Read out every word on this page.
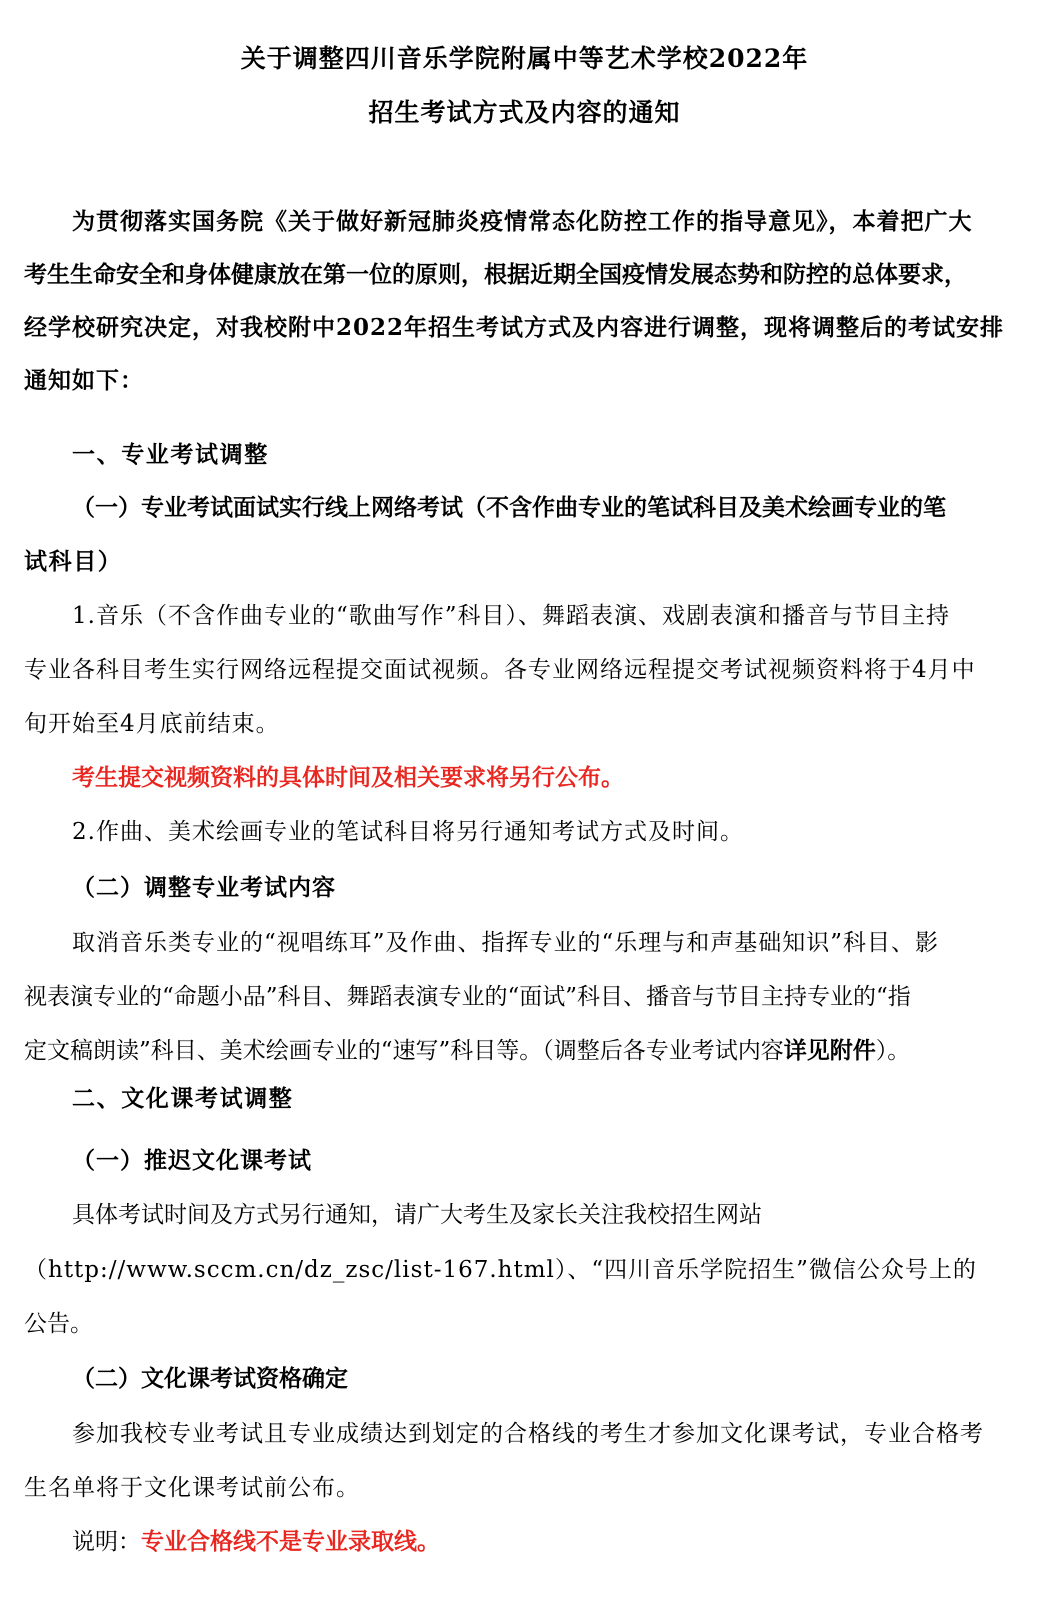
关于调整四川音乐学院附属中等艺术学校2022年
招生考试方式及内容的通知
为贯彻落实国务院《关于做好新冠肺炎疫情常态化防控工作的指导意见》，本着把广大
考生生命安全和身体健康放在第一位的原则，根据近期全国疫情发展态势和防控的总体要求，
经学校研究决定，对我校附中2022年招生考试方式及内容进行调整，现将调整后的考试安排
通知如下：
一、专业考试调整
（一）专业考试面试实行线上网络考试（不含作曲专业的笔试科目及美术绘画专业的笔
试科目）
1.音乐（不含作曲专业的“歌曲写作”科目）、舞蹈表演、戏剧表演和播音与节目主持
专业各科目考生实行网络远程提交面试视频。各专业网络远程提交考试视频资料将于4月中
旬开始至4月底前结束。
考生提交视频资料的具体时间及相关要求将另行公布。
2.作曲、美术绘画专业的笔试科目将另行通知考试方式及时间。
（二）调整专业考试内容
取消音乐类专业的“视唱练耳”及作曲、指挥专业的“乐理与和声基础知识”科目、影
视表演专业的“命题小品”科目、舞蹈表演专业的“面试”科目、播音与节目主持专业的“指
定文稿朗读”科目、美术绘画专业的“速写”科目等。（调整后各专业考试内容详见附件）。
二、文化课考试调整
（一）推迟文化课考试
具体考试时间及方式另行通知，请广大考生及家长关注我校招生网站
（http://www.sccm.cn/dz_zsc/list-167.html）、“四川音乐学院招生”微信公众号上的
公告。
（二）文化课考试资格确定
参加我校专业考试且专业成绩达到划定的合格线的考生才参加文化课考试，专业合格考
生名单将于文化课考试前公布。
说明：专业合格线不是专业录取线。
